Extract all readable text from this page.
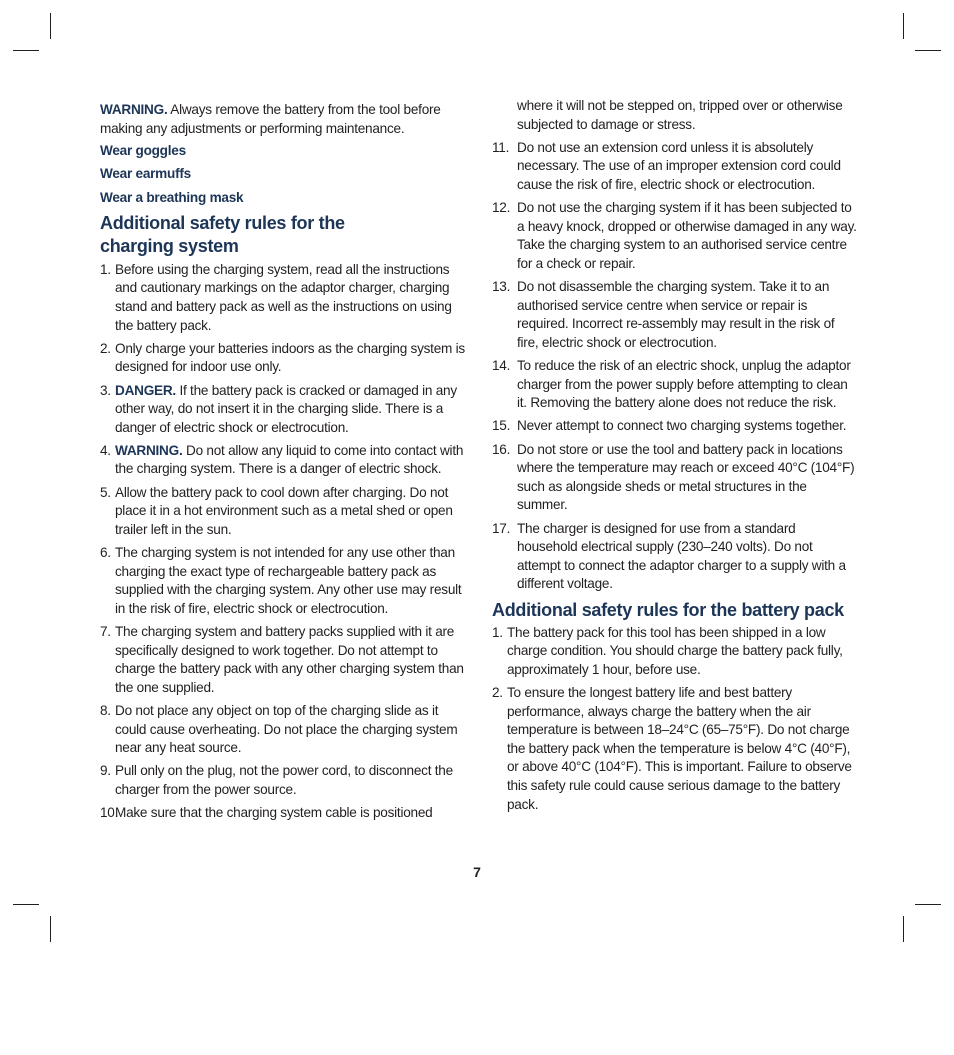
WARNING. Always remove the battery from the tool before making any adjustments or performing maintenance.

Wear goggles

Wear earmuffs

Wear a breathing mask

Additional safety rules for the charging system
1. Before using the charging system, read all the instructions and cautionary markings on the adaptor charger, charging stand and battery pack as well as the instructions on using the battery pack.
2. Only charge your batteries indoors as the charging system is designed for indoor use only.
3. DANGER. If the battery pack is cracked or damaged in any other way, do not insert it in the charging slide. There is a danger of electric shock or electrocution.
4. WARNING. Do not allow any liquid to come into contact with the charging system. There is a danger of electric shock.
5. Allow the battery pack to cool down after charging. Do not place it in a hot environment such as a metal shed or open trailer left in the sun.
6. The charging system is not intended for any use other than charging the exact type of rechargeable battery pack as supplied with the charging system. Any other use may result in the risk of fire, electric shock or electrocution.
7. The charging system and battery packs supplied with it are specifically designed to work together. Do not attempt to charge the battery pack with any other charging system than the one supplied.
8. Do not place any object on top of the charging slide as it could cause overheating. Do not place the charging system near any heat source.
9. Pull only on the plug, not the power cord, to disconnect the charger from the power source.
10.
Make sure that the charging system cable is positioned

where it will not be stepped on, tripped over or otherwise subjected to damage or stress.

11. Do not use an extension cord unless it is absolutely necessary. The use of an improper extension cord could cause the risk of fire, electric shock or electrocution.
12. Do not use the charging system if it has been subjected to a heavy knock, dropped or otherwise damaged in any way. Take the charging system to an authorised service centre for a check or repair.
13. Do not disassemble the charging system. Take it to an authorised service centre when service or repair is required. Incorrect re-assembly may result in the risk of fire, electric shock or electrocution.
14. To reduce the risk of an electric shock, unplug the adaptor charger from the power supply before attempting to clean it. Removing the battery alone does not reduce the risk.
15. Never attempt to connect two charging systems together.
16. Do not store or use the tool and battery pack in locations where the temperature may reach or exceed 40°C (104°F) such as alongside sheds or metal structures in the summer.
17. The charger is designed for use from a standard household electrical supply (230–240 volts). Do not attempt to connect the adaptor charger to a supply with a different voltage.
Additional safety rules for the battery pack
1. The battery pack for this tool has been shipped in a low charge condition. You should charge the battery pack fully, approximately 1 hour, before use.
2. To ensure the longest battery life and best battery performance, always charge the battery when the air temperature is between 18–24°C (65–75°F). Do not charge the battery pack when the temperature is below 4°C (40°F), or above 40°C (104°F). This is important. Failure to observe this safety rule could cause serious damage to the battery pack.
7
